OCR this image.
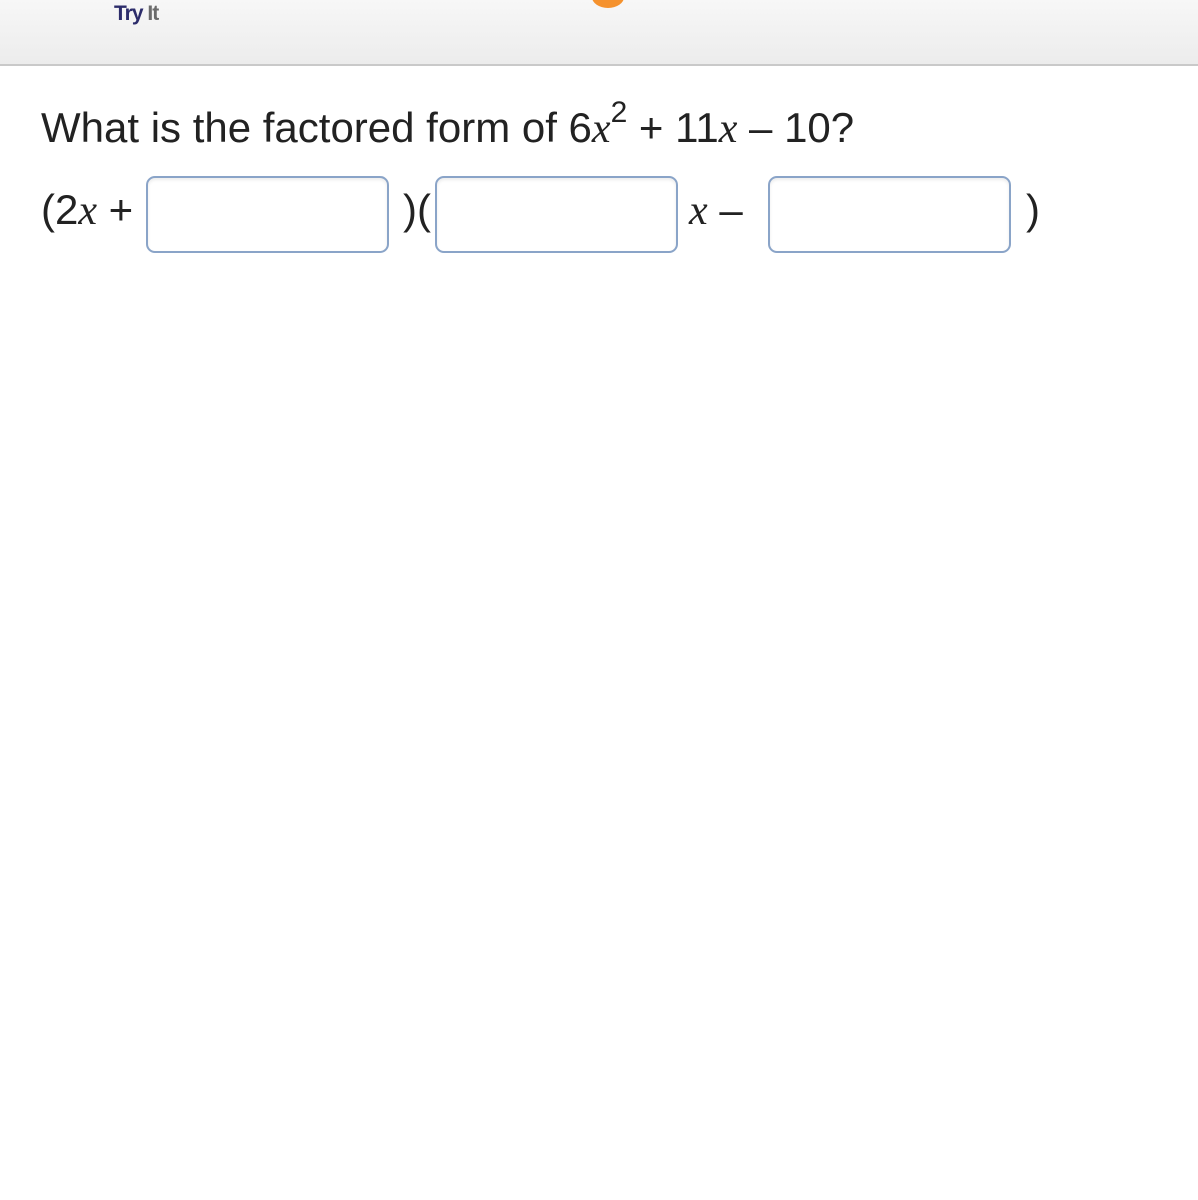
Try It
What is the factored form of $6x^2 + 11x - 10$?
(2x +	)(	x –	)
